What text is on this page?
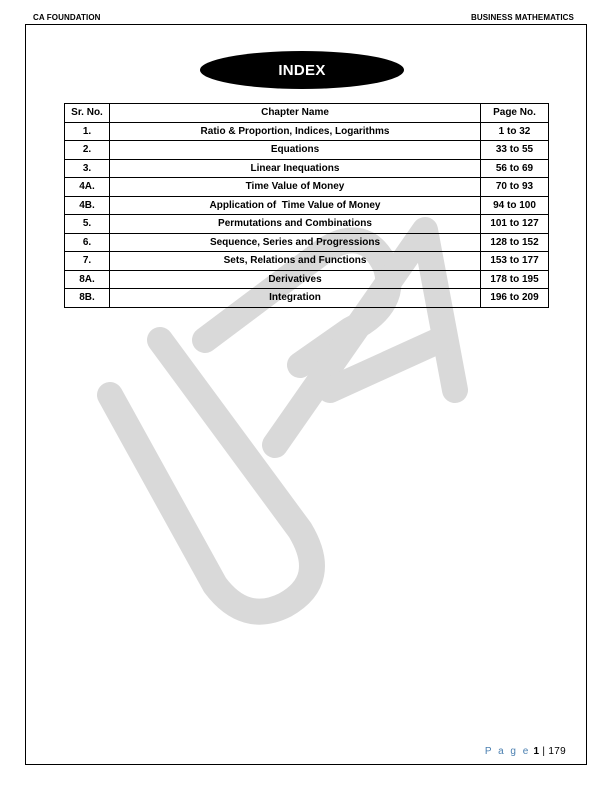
CA FOUNDATION	BUSINESS MATHEMATICS
INDEX
Sr. No.	Chapter Name	Page No.
1.	Ratio & Proportion, Indices, Logarithms	1 to 32
2.	Equations	33 to 55
3.	Linear Inequations	56 to 69
4A.	Time Value of Money	70 to 93
4B.	Application of  Time Value of Money	94 to 100
5.	Permutations and Combinations	101 to 127
6.	Sequence, Series and Progressions	128 to 152
7.	Sets, Relations and Functions	153 to 177
8A.	Derivatives	178 to 195
8B.	Integration	196 to 209
P a g e 1 | 179
